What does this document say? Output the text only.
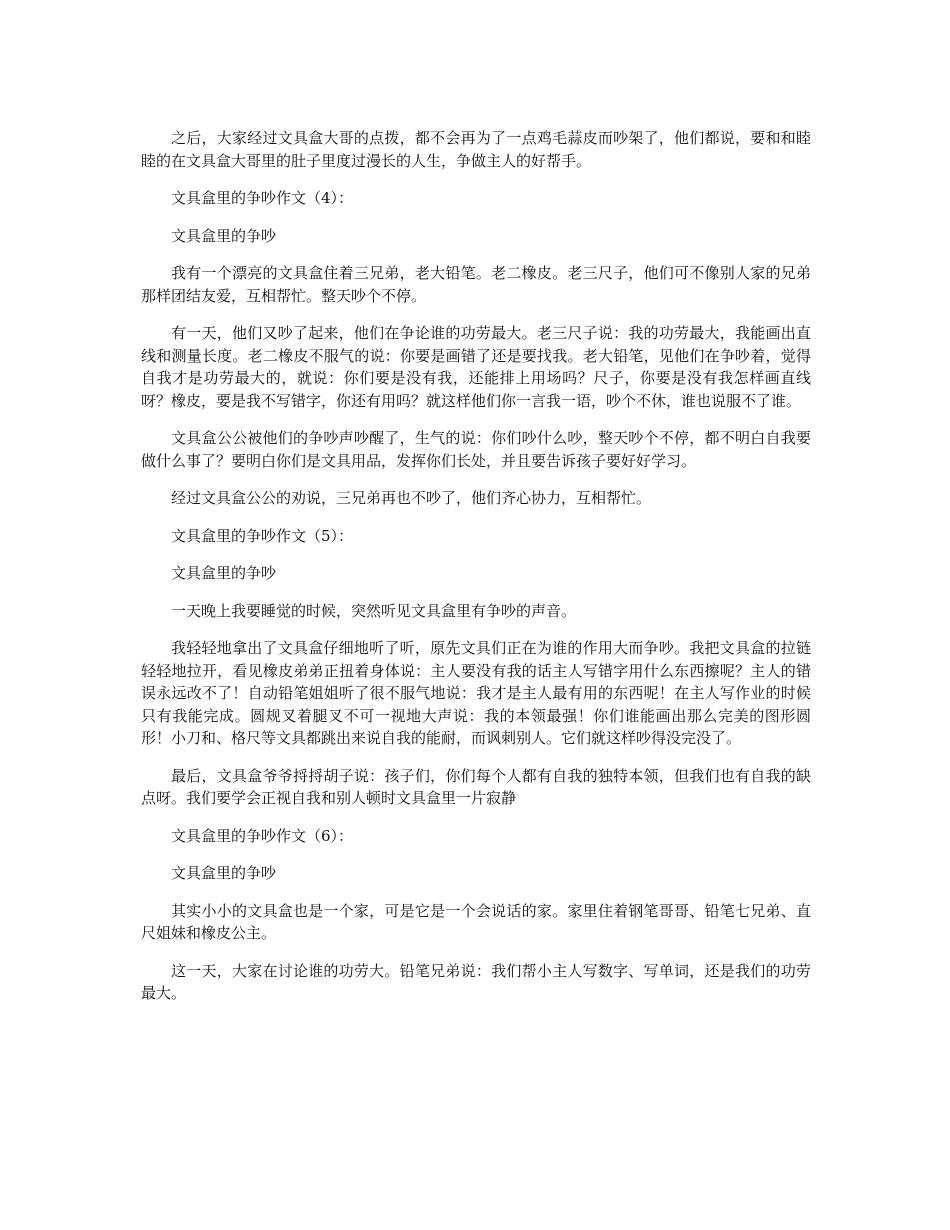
之后，大家经过文具盒大哥的点拨，都不会再为了一点鸡毛蒜皮而吵架了，他们都说，要和和睦睦的在文具盒大哥里的肚子里度过漫长的人生，争做主人的好帮手。

文具盒里的争吵作文（4）：

文具盒里的争吵

我有一个漂亮的文具盒住着三兄弟，老大铅笔。老二橡皮。老三尺子，他们可不像别人家的兄弟那样团结友爱，互相帮忙。整天吵个不停。

有一天，他们又吵了起来，他们在争论谁的功劳最大。老三尺子说：我的功劳最大，我能画出直线和测量长度。老二橡皮不服气的说：你要是画错了还是要找我。老大铅笔，见他们在争吵着，觉得自我才是功劳最大的，就说：你们要是没有我，还能排上用场吗？尺子，你要是没有我怎样画直线呀？橡皮，要是我不写错字，你还有用吗？就这样他们你一言我一语，吵个不休，谁也说服不了谁。

文具盒公公被他们的争吵声吵醒了，生气的说：你们吵什么吵，整天吵个不停，都不明白自我要做什么事了？要明白你们是文具用品，发挥你们长处，并且要告诉孩子要好好学习。

经过文具盒公公的劝说，三兄弟再也不吵了，他们齐心协力，互相帮忙。

文具盒里的争吵作文（5）：

文具盒里的争吵

一天晚上我要睡觉的时候，突然听见文具盒里有争吵的声音。

我轻轻地拿出了文具盒仔细地听了听，原先文具们正在为谁的作用大而争吵。我把文具盒的拉链轻轻地拉开，看见橡皮弟弟正扭着身体说：主人要没有我的话主人写错字用什么东西擦呢？主人的错误永远改不了！自动铅笔姐姐听了很不服气地说：我才是主人最有用的东西呢！在主人写作业的时候只有我能完成。圆规叉着腿叉不可一视地大声说：我的本领最强！你们谁能画出那么完美的图形圆形！小刀和、格尺等文具都跳出来说自我的能耐，而讽刺别人。它们就这样吵得没完没了。

最后，文具盒爷爷捋捋胡子说：孩子们，你们每个人都有自我的独特本领，但我们也有自我的缺点呀。我们要学会正视自我和别人顿时文具盒里一片寂静

文具盒里的争吵作文（6）：

文具盒里的争吵

其实小小的文具盒也是一个家，可是它是一个会说话的家。家里住着钢笔哥哥、铅笔七兄弟、直尺姐妹和橡皮公主。

这一天，大家在讨论谁的功劳大。铅笔兄弟说：我们帮小主人写数字、写单词，还是我们的功劳最大。
